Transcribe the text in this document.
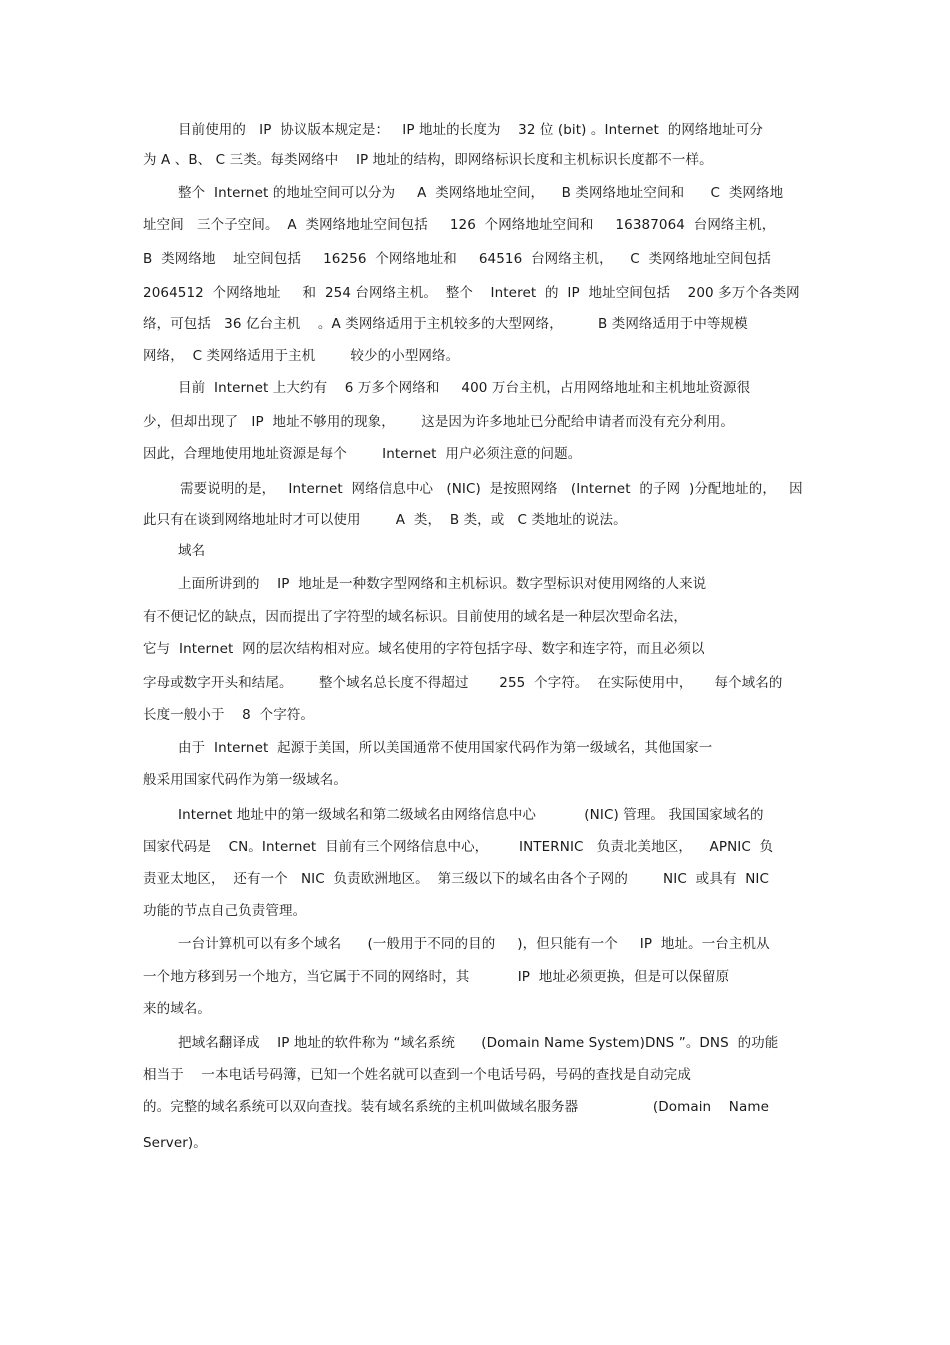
目前使用的   IP  协议版本规定是：   IP 地址的长度为    32 位 (bit) 。Internet  的网络地址可分
为 A 、B、 C 三类。每类网络中    IP 地址的结构，即网络标识长度和主机标识长度都不一样。
整个  Internet 的地址空间可以分为     A  类网络地址空间，    B 类网络地址空间和      C  类网络地
址空间   三个子空间。  A  类网络地址空间包括     126  个网络地址空间和     16387064  台网络主机，
B  类网络地    址空间包括     16256  个网络地址和     64516  台网络主机，    C  类网络地址空间包括
2064512  个网络地址     和  254 台网络主机。  整个    Interet  的  IP  地址空间包括    200 多万个各类网
络，可包括   36 亿台主机    。A 类网络适用于主机较多的大型网络，        B 类网络适用于中等规模
网络，  C 类网络适用于主机        较少的小型网络。
目前  Internet 上大约有    6 万多个网络和     400 万台主机，占用网络地址和主机地址资源很
少，但却出现了   IP  地址不够用的现象，      这是因为许多地址已分配给申请者而没有充分利用。
因此，合理地使用地址资源是每个        Internet  用户必须注意的问题。
需要说明的是，   Internet  网络信息中心   (NIC)  是按照网络   (Internet  的子网  )分配地址的，   因
此只有在谈到网络地址时才可以使用        A  类，  B 类，或   C 类地址的说法。
域名
上面所讲到的    IP  地址是一种数字型网络和主机标识。数字型标识对使用网络的人来说
有不便记忆的缺点，因而提出了字符型的域名标识。目前使用的域名是一种层次型命名法，
它与  Internet  网的层次结构相对应。域名使用的字符包括字母、数字和连字符，而且必须以
字母或数字开头和结尾。      整个域名总长度不得超过       255  个字符。  在实际使用中，     每个域名的
长度一般小于    8  个字符。
由于  Internet  起源于美国，所以美国通常不使用国家代码作为第一级域名，其他国家一
般采用国家代码作为第一级域名。
Internet 地址中的第一级域名和第二级域名由网络信息中心           (NIC) 管理。 我国国家域名的
国家代码是    CN。Internet  目前有三个网络信息中心，       INTERNIC   负责北美地区，    APNIC  负
责亚太地区，  还有一个   NIC  负责欧洲地区。  第三级以下的域名由各个子网的        NIC  或具有  NIC
功能的节点自己负责管理。
一台计算机可以有多个域名      (一般用于不同的目的     )，但只能有一个     IP  地址。一台主机从
一个地方移到另一个地方，当它属于不同的网络时，其           IP  地址必须更换，但是可以保留原
来的域名。
把域名翻译成    IP 地址的软件称为 “域名系统      (Domain Name System)DNS ”。DNS  的功能
相当于    一本电话号码簿，已知一个姓名就可以查到一个电话号码，号码的查找是自动完成
的。完整的域名系统可以双向查找。装有域名系统的主机叫做域名服务器                 (Domain    Name
Server)。
